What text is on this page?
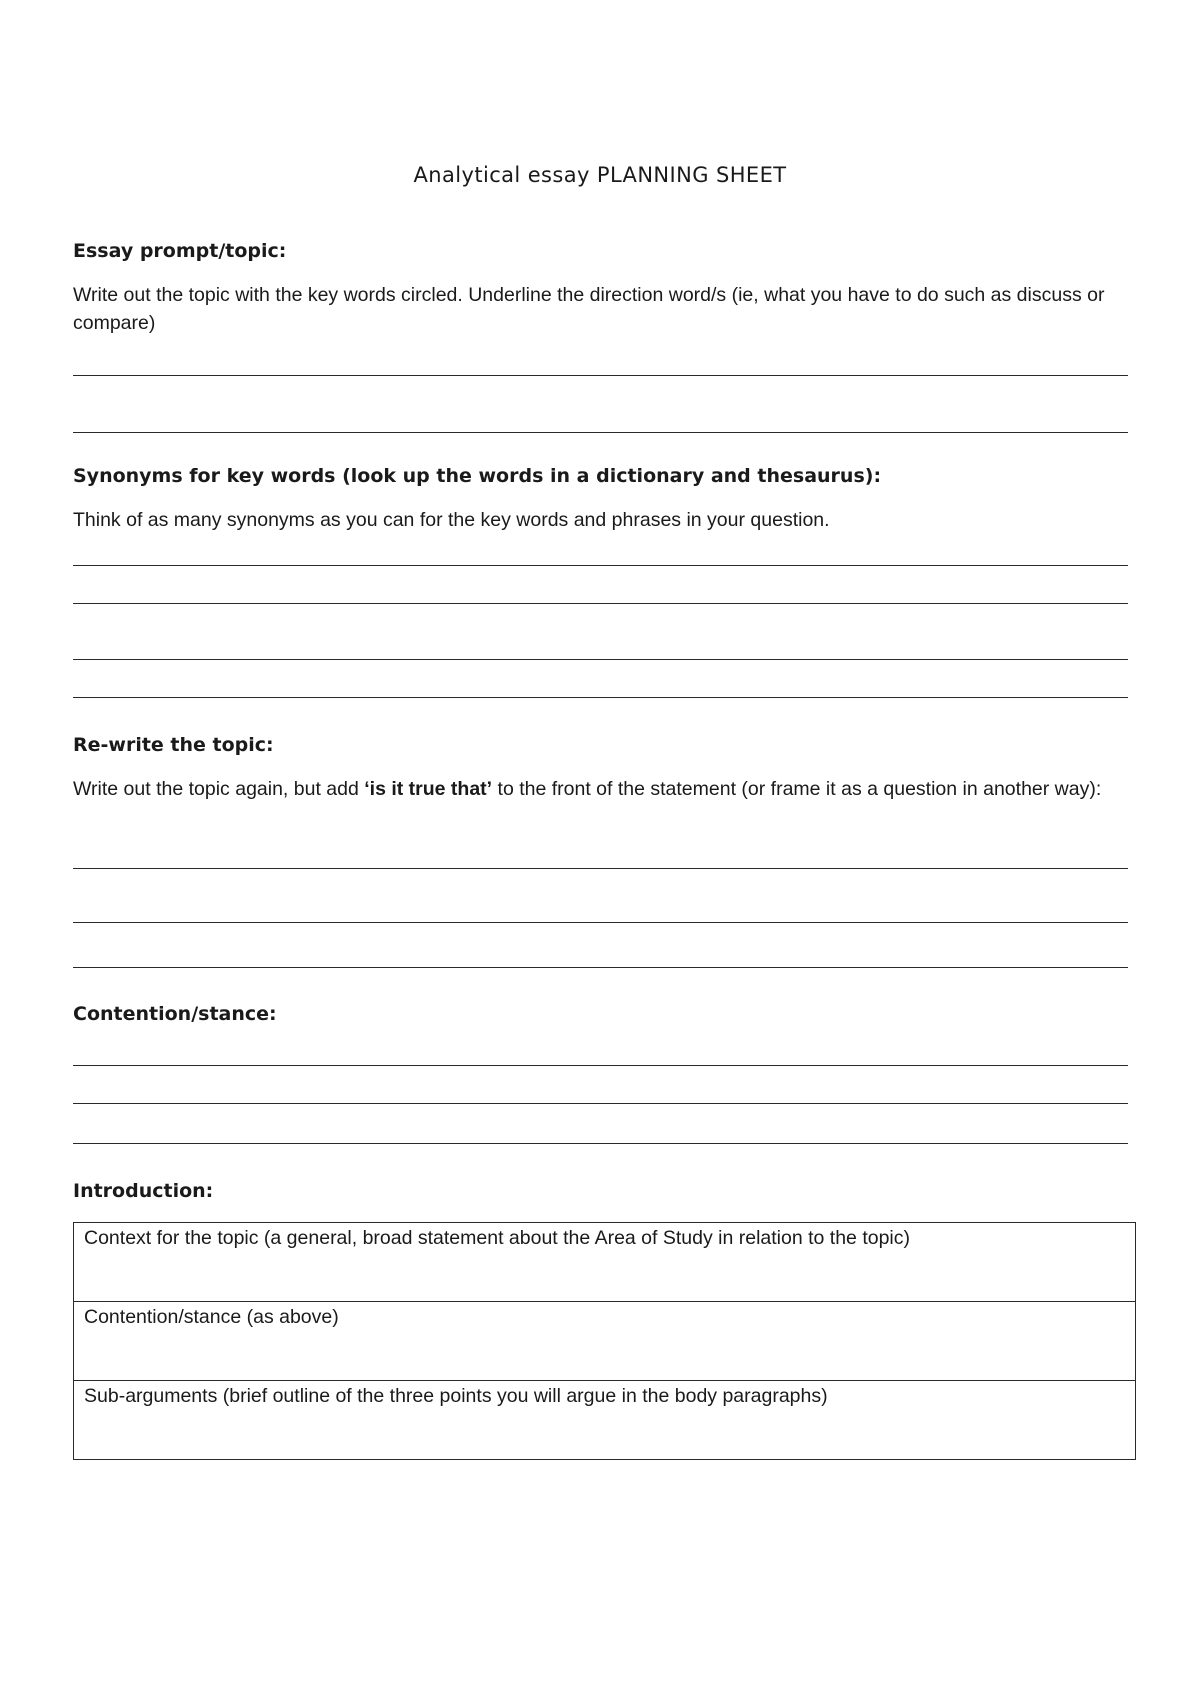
Analytical essay PLANNING SHEET

Essay prompt/topic:

Write out the topic with the key words circled. Underline the direction word/s (ie, what you have to do such as discuss or compare)

Synonyms for key words (look up the words in a dictionary and thesaurus):

Think of as many synonyms as you can for the key words and phrases in your question.

Re-write the topic:

Write out the topic again, but add ‘is it true that’ to the front of the statement (or frame it as a question in another way):

Contention/stance:

Introduction:

Context for the topic (a general, broad statement about the Area of Study in relation to the topic)
Contention/stance (as above)
Sub-arguments (brief outline of the three points you will argue in the body paragraphs)
